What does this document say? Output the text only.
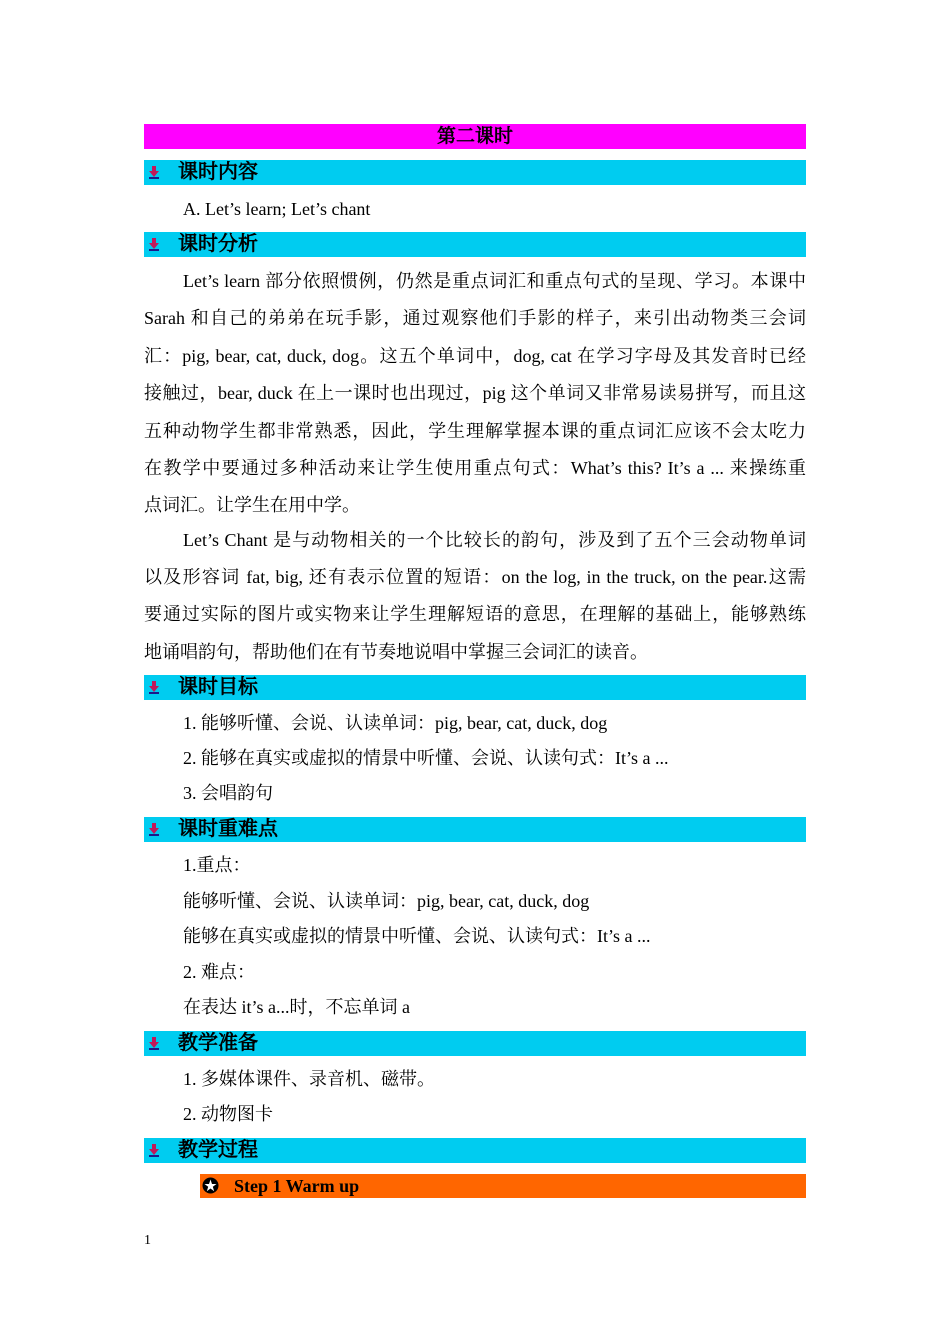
第二课时
课时内容
A. Let’s learn; Let’s chant
课时分析
Let’s learn 部分依照惯例，仍然是重点词汇和重点句式的呈现、学习。本课中
Sarah 和自己的弟弟在玩手影，通过观察他们手影的样子，来引出动物类三会词
汇：pig, bear, cat, duck, dog。这五个单词中，dog, cat 在学习字母及其发音时已经
接触过，bear, duck 在上一课时也出现过，pig 这个单词又非常易读易拼写，而且这
五种动物学生都非常熟悉，因此，学生理解掌握本课的重点词汇应该不会太吃力
在教学中要通过多种活动来让学生使用重点句式：What’s this? It’s a ... 来操练重
点词汇。让学生在用中学。
Let’s Chant 是与动物相关的一个比较长的韵句，涉及到了五个三会动物单词
以及形容词 fat, big, 还有表示位置的短语：on the log, in the truck, on the pear.这需
要通过实际的图片或实物来让学生理解短语的意思，在理解的基础上，能够熟练
地诵唱韵句，帮助他们在有节奏地说唱中掌握三会词汇的读音。
课时目标
1. 能够听懂、会说、认读单词：pig, bear, cat, duck, dog
2. 能够在真实或虚拟的情景中听懂、会说、认读句式：It’s a ...
3. 会唱韵句
课时重难点
1.重点：
能够听懂、会说、认读单词：pig, bear, cat, duck, dog
能够在真实或虚拟的情景中听懂、会说、认读句式：It’s a ...
2. 难点：
在表达 it’s a...时，不忘单词 a
教学准备
1. 多媒体课件、录音机、磁带。
2. 动物图卡
教学过程
Step 1 Warm up
1
